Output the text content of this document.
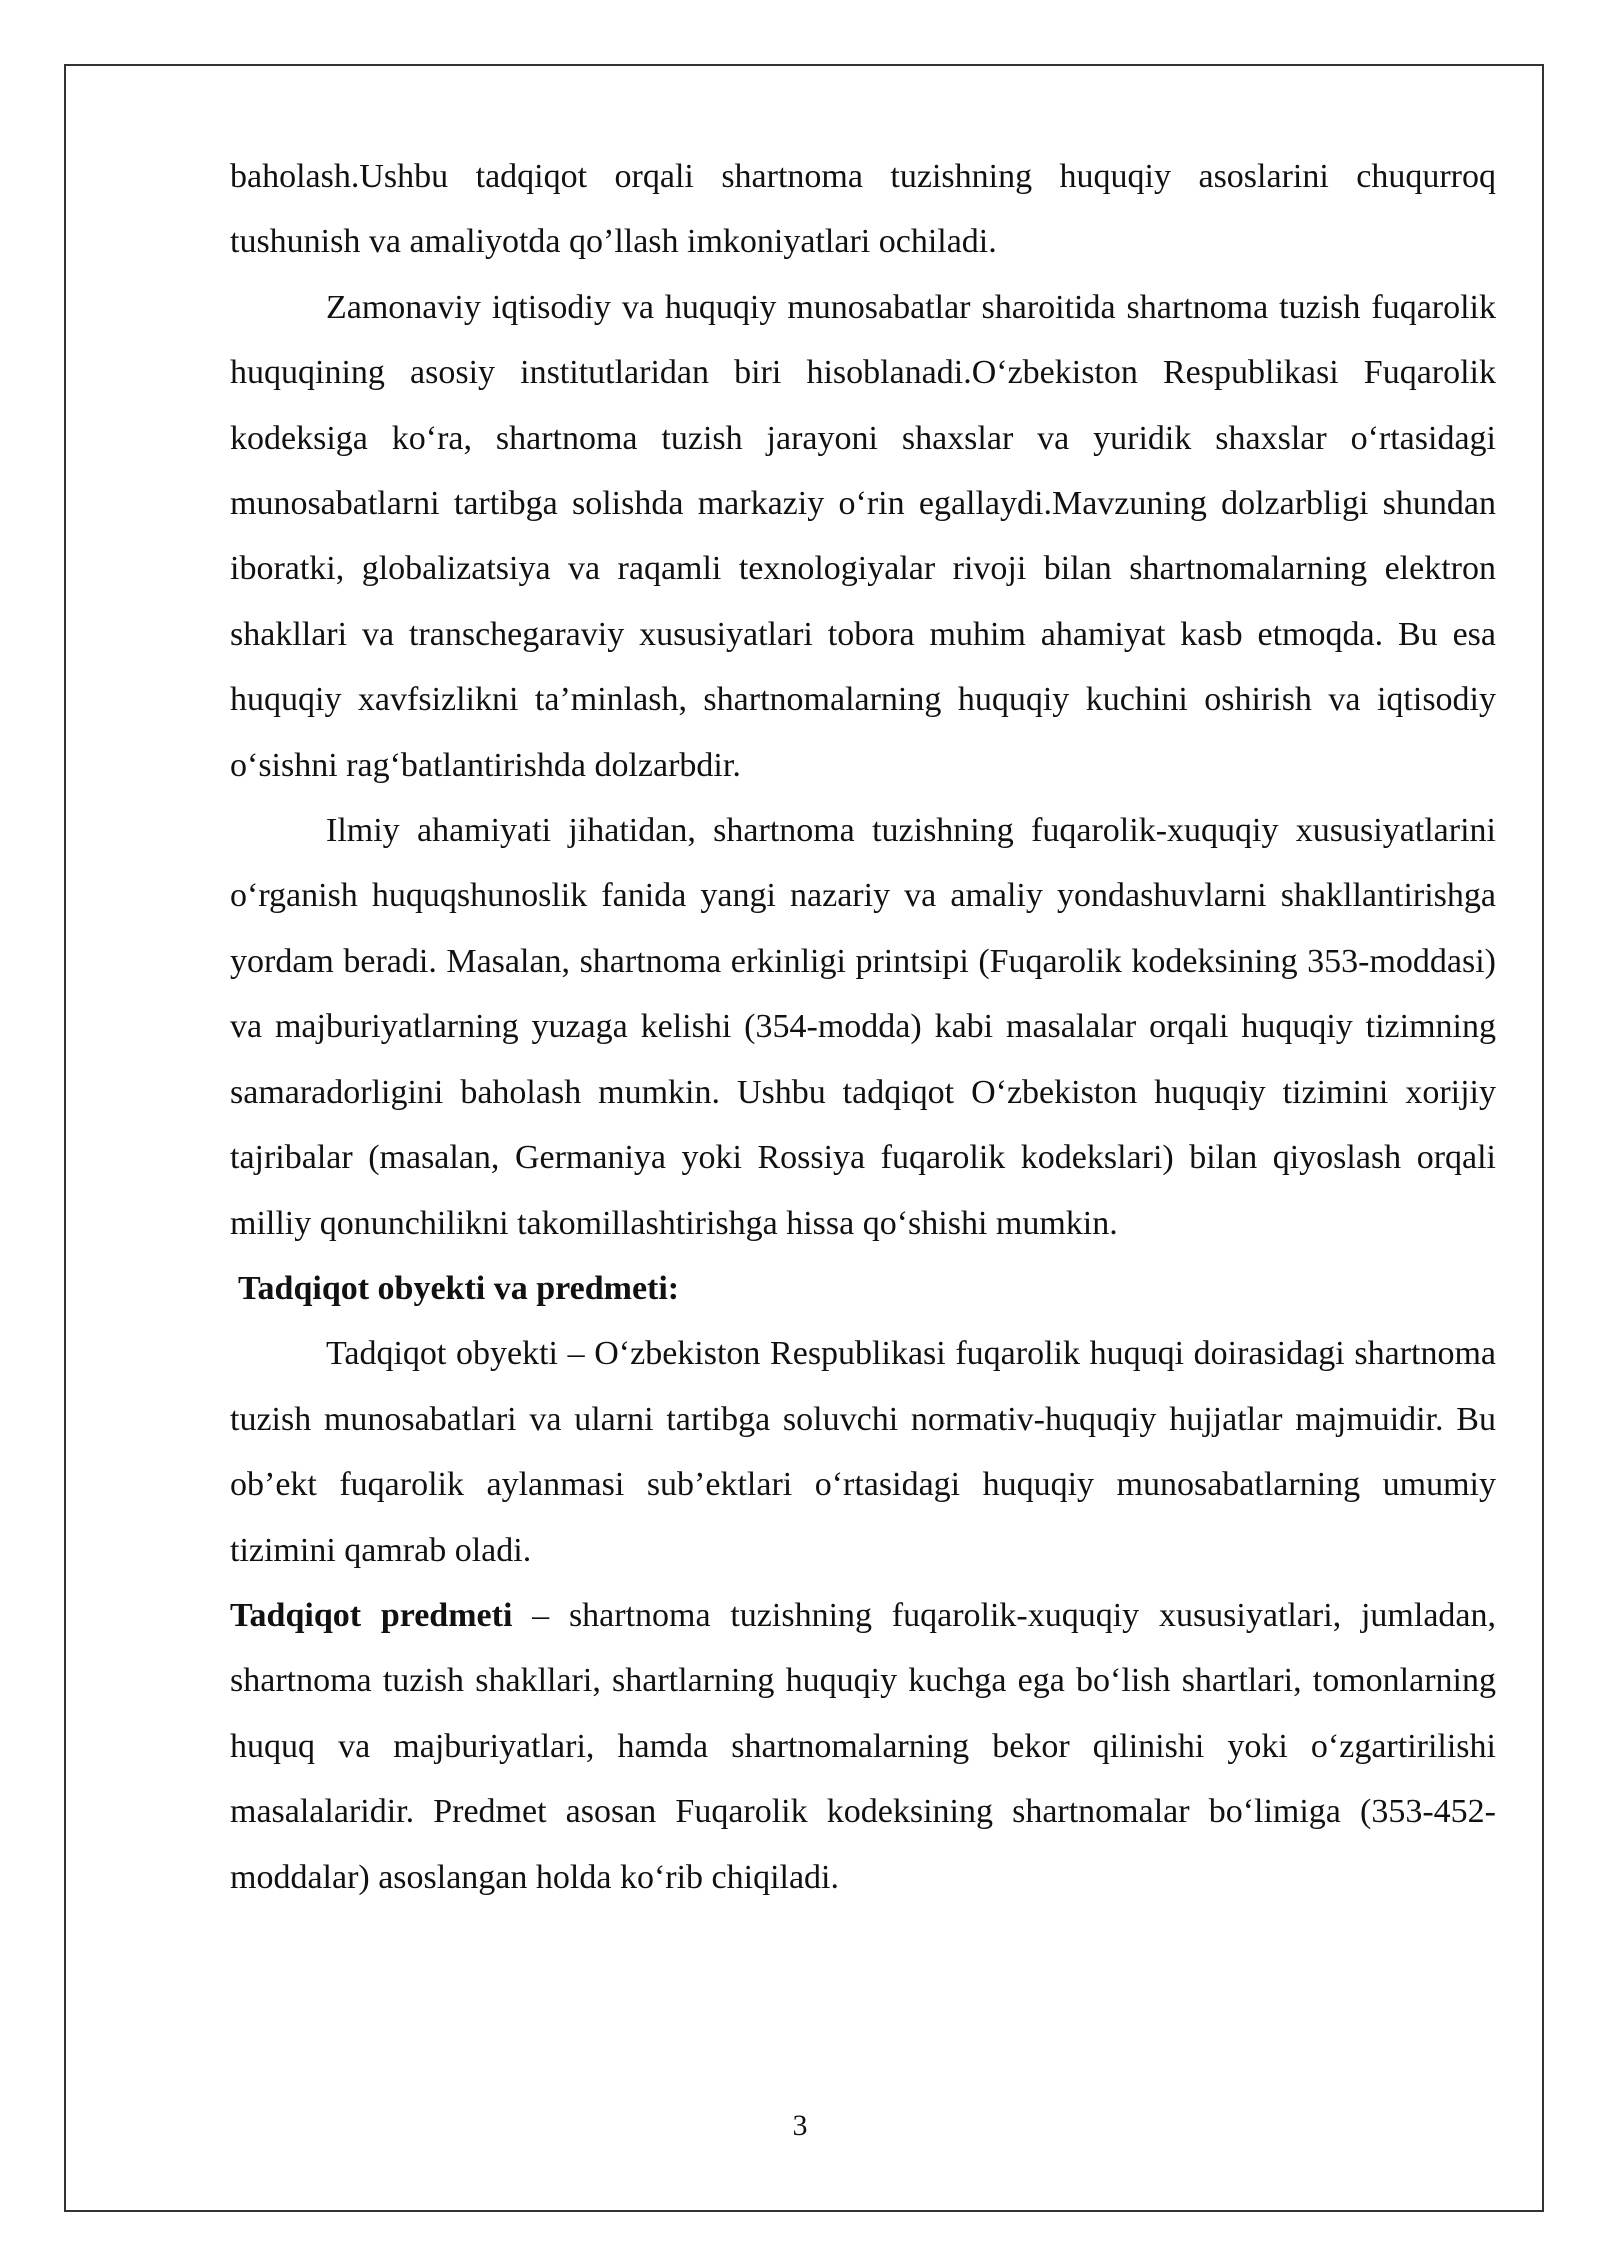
baholash.Ushbu tadqiqot orqali shartnoma tuzishning huquqiy asoslarini chuqurroq tushunish va amaliyotda qo’llash imkoniyatlari ochiladi.

Zamonaviy iqtisodiy va huquqiy munosabatlar sharoitida shartnoma tuzish fuqarolik huquqining asosiy institutlaridan biri hisoblanadi.O‘zbekiston Respublikasi Fuqarolik kodeksiga ko‘ra, shartnoma tuzish jarayoni shaxslar va yuridik shaxslar o‘rtasidagi munosabatlarni tartibga solishda markaziy o‘rin egallaydi.Mavzuning dolzarbligi shundan iboratki, globalizatsiya va raqamli texnologiyalar rivoji bilan shartnomalarning elektron shakllari va transchegaraviy xususiyatlari tobora muhim ahamiyat kasb etmoqda. Bu esa huquqiy xavfsizlikni ta’minlash, shartnomalarning huquqiy kuchini oshirish va iqtisodiy o‘sishni rag‘batlantirishda dolzarbdir.

Ilmiy ahamiyati jihatidan, shartnoma tuzishning fuqarolik-xuquqiy xususiyatlarini o‘rganish huquqshunoslik fanida yangi nazariy va amaliy yondashuvlarni shakllantirishga yordam beradi. Masalan, shartnoma erkinligi printsipi (Fuqarolik kodeksining 353-moddasi) va majburiyatlarning yuzaga kelishi (354-modda) kabi masalalar orqali huquqiy tizimning samaradorligini baholash mumkin. Ushbu tadqiqot O‘zbekiston huquqiy tizimini xorijiy tajribalar (masalan, Germaniya yoki Rossiya fuqarolik kodekslari) bilan qiyoslash orqali milliy qonunchilikni takomillashtirishga hissa qo‘shishi mumkin.

Tadqiqot obyekti va predmeti:

Tadqiqot obyekti – O‘zbekiston Respublikasi fuqarolik huquqi doirasidagi shartnoma tuzish munosabatlari va ularni tartibga soluvchi normativ-huquqiy hujjatlar majmuidir. Bu ob’ekt fuqarolik aylanmasi sub’ektlari o‘rtasidagi huquqiy munosabatlarning umumiy tizimini qamrab oladi.

Tadqiqot predmeti – shartnoma tuzishning fuqarolik-xuquqiy xususiyatlari, jumladan, shartnoma tuzish shakllari, shartlarning huquqiy kuchga ega bo‘lish shartlari, tomonlarning huquq va majburiyatlari, hamda shartnomalarning bekor qilinishi yoki o‘zgartirilishi masalalaridir. Predmet asosan Fuqarolik kodeksining shartnomalar bo‘limiga (353-452-moddalar) asoslangan holda ko‘rib chiqiladi.

3
